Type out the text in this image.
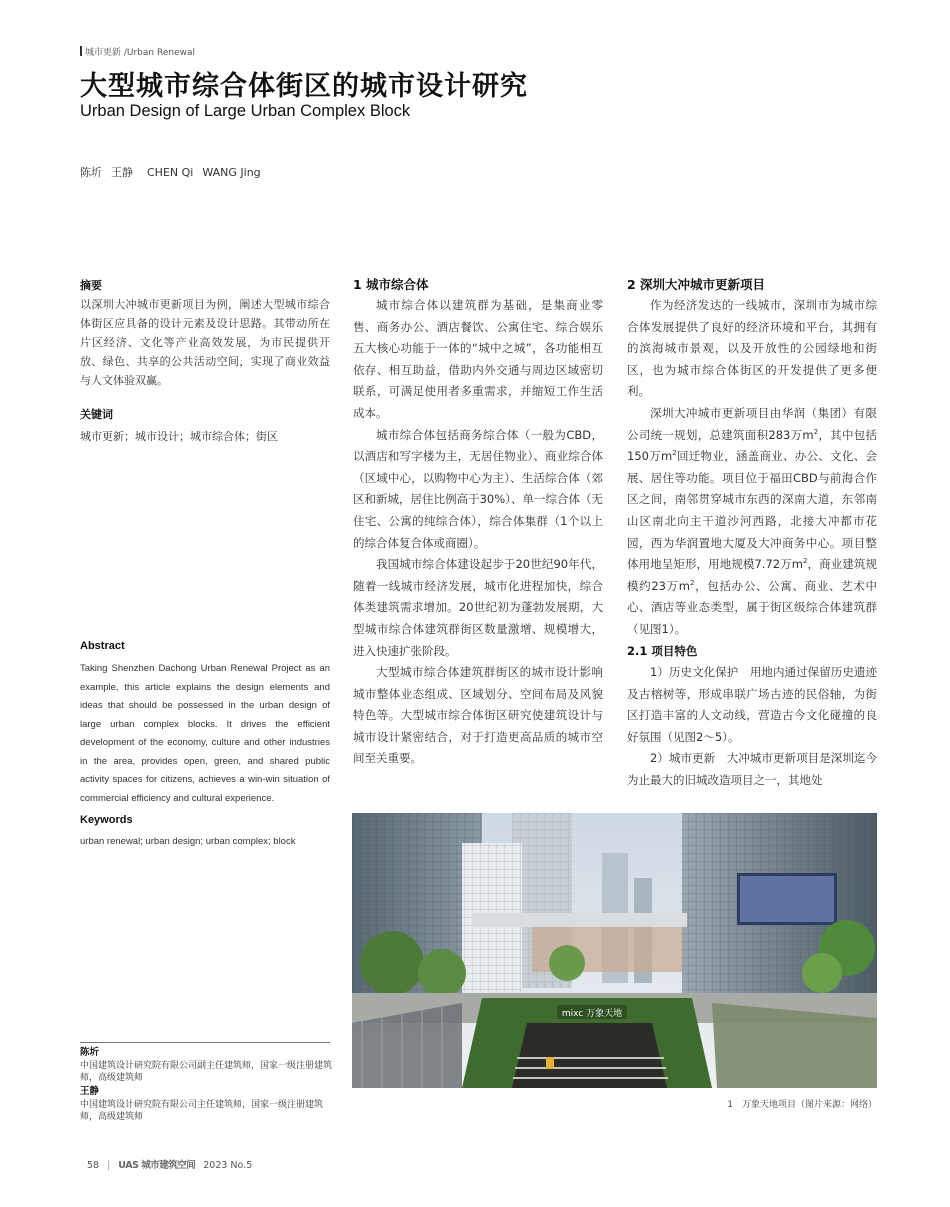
城市更新 /Urban Renewal
大型城市综合体街区的城市设计研究
Urban Design of Large Urban Complex Block
陈圻 王静 CHEN Qi WANG Jing
摘要
以深圳大冲城市更新项目为例，阐述大型城市综合体街区应具备的设计元素及设计思路。其带动所在片区经济、文化等产业高效发展，为市民提供开放、绿色、共享的公共活动空间，实现了商业效益与人文体验双赢。
关键词
城市更新；城市设计；城市综合体；街区
Abstract
Taking Shenzhen Dachong Urban Renewal Project as an example, this article explains the design elements and ideas that should be possessed in the urban design of large urban complex blocks. It drives the efficient development of the economy, culture and other industries in the area, provides open, green, and shared public activity spaces for citizens, achieves a win-win situation of commercial efficiency and cultural experience.
Keywords
urban renewal; urban design; urban complex; block
陈圻
中国建筑设计研究院有限公司副主任建筑师，国家一级注册建筑师，高级建筑师
王静
中国建筑设计研究院有限公司主任建筑师，国家一级注册建筑师，高级建筑师
1 城市综合体

城市综合体以建筑群为基础，是集商业零售、商务办公、酒店餐饮、公寓住宅、综合娱乐五大核心功能于一体的“城中之城”，各功能相互依存、相互助益，借助内外交通与周边区域密切联系，可满足使用者多重需求，并缩短工作生活成本。

城市综合体包括商务综合体（一般为CBD，以酒店和写字楼为主，无居住物业）、商业综合体（区域中心，以购物中心为主）、生活综合体（郊区和新城，居住比例高于30%）、单一综合体（无住宅、公寓的纯综合体），综合体集群（1个以上的综合体复合体或商圈）。

我国城市综合体建设起步于20世纪90年代，随着一线城市经济发展，城市化进程加快，综合体类建筑需求增加。20世纪初为蓬勃发展期，大型城市综合体建筑群街区数量激增、规模增大，进入快速扩张阶段。

大型城市综合体建筑群街区的城市设计影响城市整体业态组成、区域划分、空间布局及风貌特色等。大型城市综合体街区研究使建筑设计与城市设计紧密结合，对于打造更高品质的城市空间至关重要。

2 深圳大冲城市更新项目

作为经济发达的一线城市，深圳市为城市综合体发展提供了良好的经济环境和平台，其拥有的滨海城市景观，以及开放性的公园绿地和街区，也为城市综合体街区的开发提供了更多便利。

深圳大冲城市更新项目由华润（集团）有限公司统一规划，总建筑面积283万$m^2$，其中包括150万$m^2$回迁物业，涵盖商业、办公、文化、会展、居住等功能。项目位于福田CBD与前海合作区之间，南邻贯穿城市东西的深南大道，东邻南山区南北向主干道沙河西路，北接大冲都市花园，西为华润置地大厦及大冲商务中心。项目整体用地呈矩形，用地规模7.72万$m^2$，商业建筑规模约23万$m^2$，包括办公、公寓、商业、艺术中心、酒店等业态类型，属于街区级综合体建筑群（见图1）。

2.1 项目特色

1）历史文化保护　用地内通过保留历史遗迹及古榕树等，形成串联广场古迹的民俗轴，为街区打造丰富的人文动线，营造古今文化碰撞的良好氛围（见图2～5）。

2）城市更新　大冲城市更新项目是深圳迄今为止最大的旧城改造项目之一，其地处

mixc 万象天地
1　万象天地项目（图片来源：网络）
58 | UAS 城市建筑空间 2023 No.5
